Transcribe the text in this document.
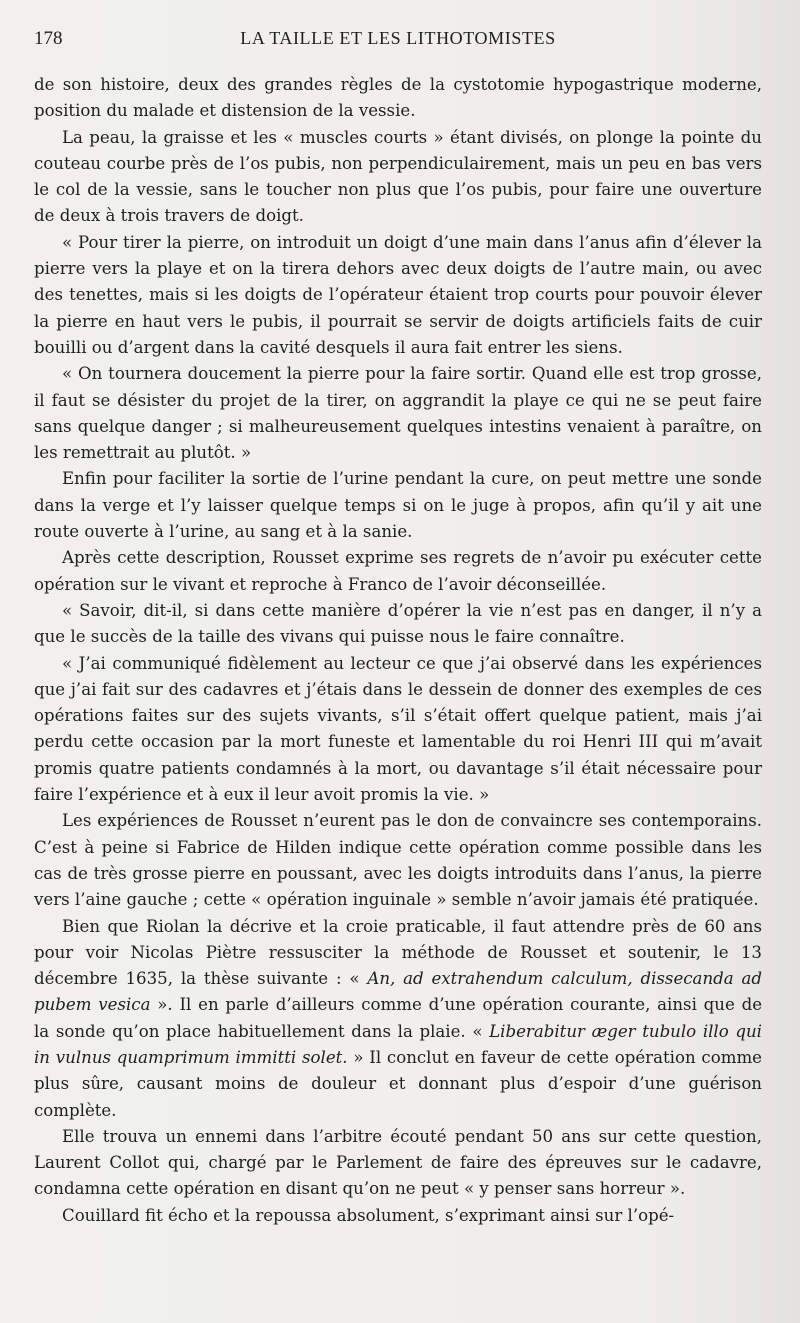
178	LA TAILLE ET LES LITHOTOMISTES

de son histoire, deux des grandes règles de la cystotomie hypogastrique moderne, position du malade et distension de la vessie.

La peau, la graisse et les « muscles courts » étant divisés, on plonge la pointe du couteau courbe près de l’os pubis, non perpendiculairement, mais un peu en bas vers le col de la vessie, sans le toucher non plus que l’os pubis, pour faire une ouverture de deux à trois travers de doigt.

« Pour tirer la pierre, on introduit un doigt d’une main dans l’anus afin d’élever la pierre vers la playe et on la tirera dehors avec deux doigts de l’autre main, ou avec des tenettes, mais si les doigts de l’opérateur étaient trop courts pour pouvoir élever la pierre en haut vers le pubis, il pourrait se servir de doigts artificiels faits de cuir bouilli ou d’argent dans la cavité desquels il aura fait entrer les siens.

« On tournera doucement la pierre pour la faire sortir. Quand elle est trop grosse, il faut se désister du projet de la tirer, on aggrandit la playe ce qui ne se peut faire sans quelque danger ; si malheureusement quelques intestins venaient à paraître, on les remettrait au plutôt. »

Enfin pour faciliter la sortie de l’urine pendant la cure, on peut mettre une sonde dans la verge et l’y laisser quelque temps si on le juge à propos, afin qu’il y ait une route ouverte à l’urine, au sang et à la sanie.

Après cette description, Rousset exprime ses regrets de n’avoir pu exécuter cette opération sur le vivant et reproche à Franco de l’avoir déconseillée.

« Savoir, dit-il, si dans cette manière d’opérer la vie n’est pas en danger, il n’y a que le succès de la taille des vivans qui puisse nous le faire connaître.

« J’ai communiqué fidèlement au lecteur ce que j’ai observé dans les expériences que j’ai fait sur des cadavres et j’étais dans le dessein de donner des exemples de ces opérations faites sur des sujets vivants, s’il s’était offert quelque patient, mais j’ai perdu cette occasion par la mort funeste et lamentable du roi Henri III qui m’avait promis quatre patients condamnés à la mort, ou davantage s’il était nécessaire pour faire l’expérience et à eux il leur avoit promis la vie. »

Les expériences de Rousset n’eurent pas le don de convaincre ses contemporains. C’est à peine si Fabrice de Hilden indique cette opération comme possible dans les cas de très grosse pierre en poussant, avec les doigts introduits dans l’anus, la pierre vers l’aine gauche ; cette « opération inguinale » semble n’avoir jamais été pratiquée.

Bien que Riolan la décrive et la croie praticable, il faut attendre près de 60 ans pour voir Nicolas Piètre ressusciter la méthode de Rousset et soutenir, le 13 décembre 1635, la thèse suivante : « An, ad extrahendum calculum, dissecanda ad pubem vesica ». Il en parle d’ailleurs comme d’une opération courante, ainsi que de la sonde qu’on place habituellement dans la plaie. « Liberabitur æger tubulo illo qui in vulnus quamprimum immitti solet. » Il conclut en faveur de cette opération comme plus sûre, causant moins de douleur et donnant plus d’espoir d’une guérison complète.

Elle trouva un ennemi dans l’arbitre écouté pendant 50 ans sur cette question, Laurent Collot qui, chargé par le Parlement de faire des épreuves sur le cadavre, condamna cette opération en disant qu’on ne peut « y penser sans horreur ».

Couillard fit écho et la repoussa absolument, s’exprimant ainsi sur l’opé-
